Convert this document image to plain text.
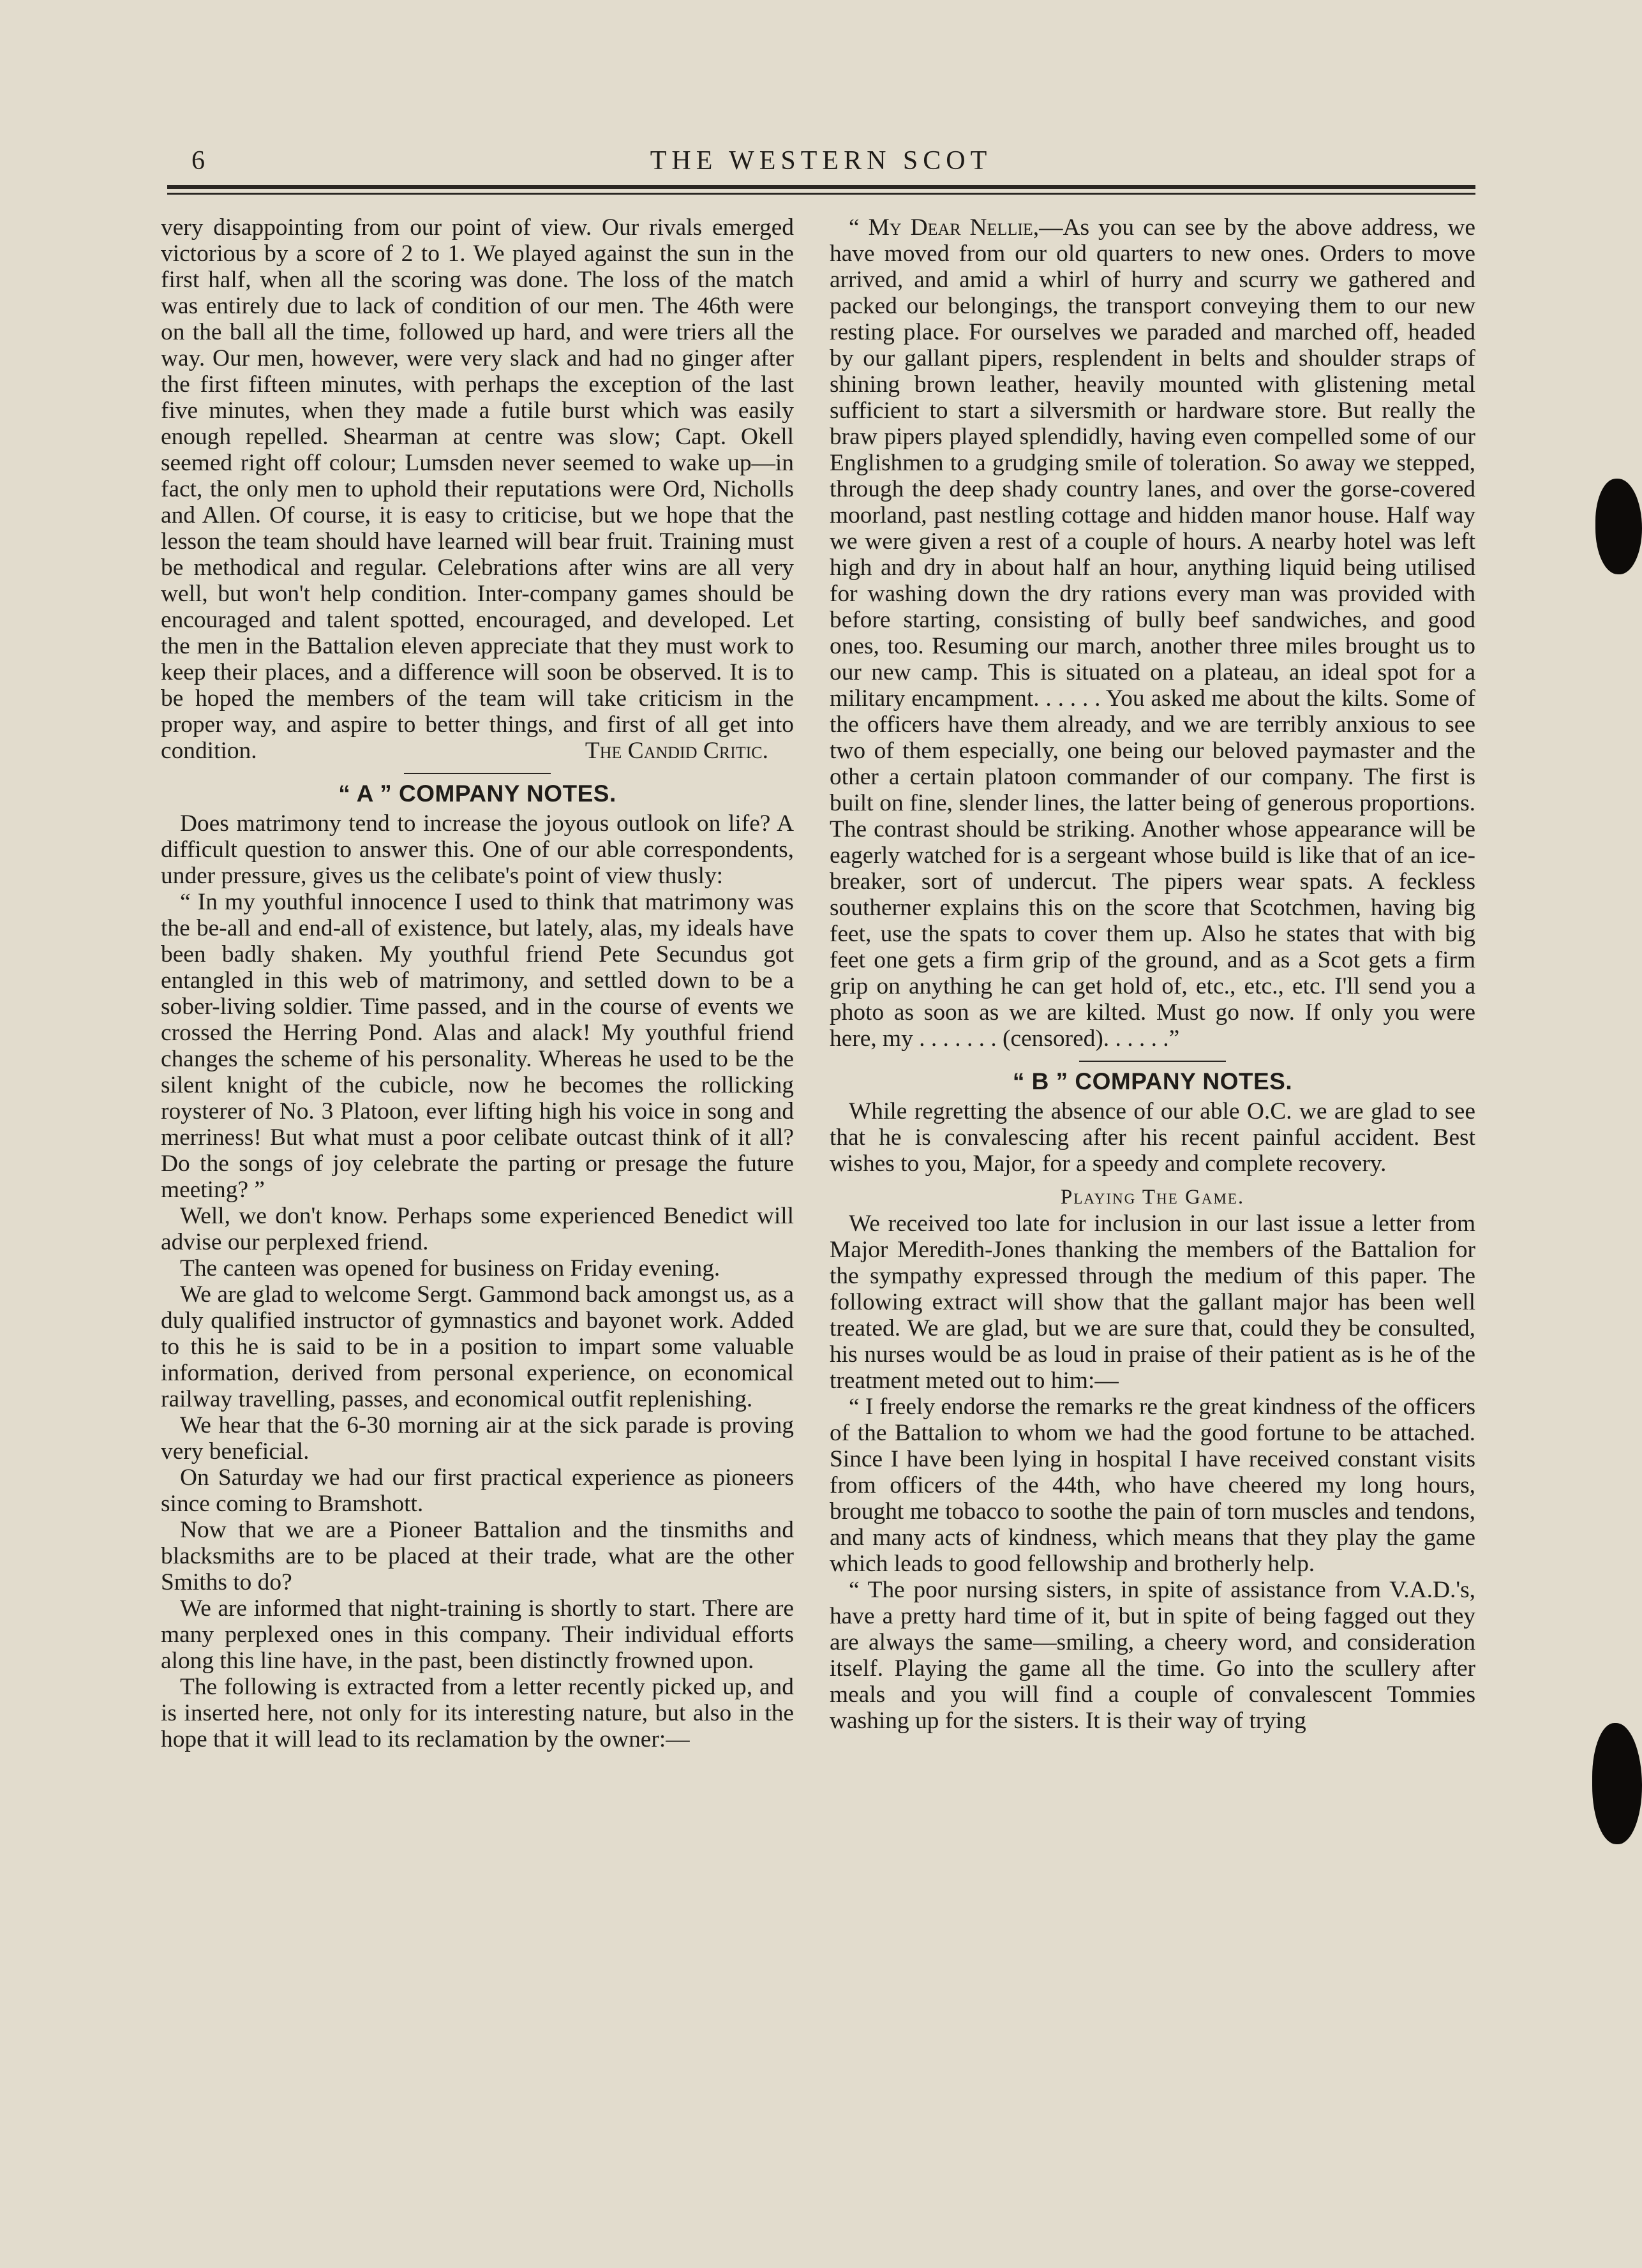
6	THE WESTERN SCOT

very disappointing from our point of view. Our rivals emerged victorious by a score of 2 to 1. We played against the sun in the first half, when all the scoring was done. The loss of the match was entirely due to lack of condition of our men. The 46th were on the ball all the time, followed up hard, and were triers all the way. Our men, however, were very slack and had no ginger after the first fifteen minutes, with perhaps the exception of the last five minutes, when they made a futile burst which was easily enough repelled. Shearman at centre was slow; Capt. Okell seemed right off colour; Lumsden never seemed to wake up—in fact, the only men to uphold their reputations were Ord, Nicholls and Allen. Of course, it is easy to criticise, but we hope that the lesson the team should have learned will bear fruit. Training must be methodical and regular. Celebrations after wins are all very well, but won't help condition. Inter-company games should be encouraged and talent spotted, encouraged, and developed. Let the men in the Battalion eleven appreciate that they must work to keep their places, and a difference will soon be observed. It is to be hoped the members of the team will take criticism in the proper way, and aspire to better things, and first of all get into condition.	The Candid Critic.

“ A ” COMPANY NOTES.

Does matrimony tend to increase the joyous outlook on life? A difficult question to answer this. One of our able correspondents, under pressure, gives us the celibate's point of view thusly:

“ In my youthful innocence I used to think that matrimony was the be-all and end-all of existence, but lately, alas, my ideals have been badly shaken. My youthful friend Pete Secundus got entangled in this web of matrimony, and settled down to be a sober-living soldier. Time passed, and in the course of events we crossed the Herring Pond. Alas and alack! My youthful friend changes the scheme of his personality. Whereas he used to be the silent knight of the cubicle, now he becomes the rollicking roysterer of No. 3 Platoon, ever lifting high his voice in song and merriness! But what must a poor celibate outcast think of it all? Do the songs of joy celebrate the parting or presage the future meeting? ”

Well, we don't know. Perhaps some experienced Benedict will advise our perplexed friend.

The canteen was opened for business on Friday evening.

We are glad to welcome Sergt. Gammond back amongst us, as a duly qualified instructor of gymnastics and bayonet work. Added to this he is said to be in a position to impart some valuable information, derived from personal experience, on economical railway travelling, passes, and economical outfit replenishing.

We hear that the 6-30 morning air at the sick parade is proving very beneficial.

On Saturday we had our first practical experience as pioneers since coming to Bramshott.

Now that we are a Pioneer Battalion and the tinsmiths and blacksmiths are to be placed at their trade, what are the other Smiths to do?

We are informed that night-training is shortly to start. There are many perplexed ones in this company. Their individual efforts along this line have, in the past, been distinctly frowned upon.

The following is extracted from a letter recently picked up, and is inserted here, not only for its interesting nature, but also in the hope that it will lead to its reclamation by the owner:—

“ My Dear Nellie,—As you can see by the above address, we have moved from our old quarters to new ones. Orders to move arrived, and amid a whirl of hurry and scurry we gathered and packed our belongings, the transport conveying them to our new resting place. For ourselves we paraded and marched off, headed by our gallant pipers, resplendent in belts and shoulder straps of shining brown leather, heavily mounted with glistening metal sufficient to start a silversmith or hardware store. But really the braw pipers played splendidly, having even compelled some of our Englishmen to a grudging smile of toleration. So away we stepped, through the deep shady country lanes, and over the gorse-covered moorland, past nestling cottage and hidden manor house. Half way we were given a rest of a couple of hours. A nearby hotel was left high and dry in about half an hour, anything liquid being utilised for washing down the dry rations every man was provided with before starting, consisting of bully beef sandwiches, and good ones, too. Resuming our march, another three miles brought us to our new camp. This is situated on a plateau, an ideal spot for a military encampment. . . . . . You asked me about the kilts. Some of the officers have them already, and we are terribly anxious to see two of them especially, one being our beloved paymaster and the other a certain platoon commander of our company. The first is built on fine, slender lines, the latter being of generous proportions. The contrast should be striking. Another whose appearance will be eagerly watched for is a sergeant whose build is like that of an ice-breaker, sort of undercut. The pipers wear spats. A feckless southerner explains this on the score that Scotchmen, having big feet, use the spats to cover them up. Also he states that with big feet one gets a firm grip of the ground, and as a Scot gets a firm grip on anything he can get hold of, etc., etc., etc. I'll send you a photo as soon as we are kilted. Must go now. If only you were here, my . . . . . . . (censored). . . . . .”

“ B ” COMPANY NOTES.

While regretting the absence of our able O.C. we are glad to see that he is convalescing after his recent painful accident. Best wishes to you, Major, for a speedy and complete recovery.

Playing The Game.

We received too late for inclusion in our last issue a letter from Major Meredith-Jones thanking the members of the Battalion for the sympathy expressed through the medium of this paper. The following extract will show that the gallant major has been well treated. We are glad, but we are sure that, could they be consulted, his nurses would be as loud in praise of their patient as is he of the treatment meted out to him:—

“ I freely endorse the remarks re the great kindness of the officers of the Battalion to whom we had the good fortune to be attached. Since I have been lying in hospital I have received constant visits from officers of the 44th, who have cheered my long hours, brought me tobacco to soothe the pain of torn muscles and tendons, and many acts of kindness, which means that they play the game which leads to good fellowship and brotherly help.

“ The poor nursing sisters, in spite of assistance from V.A.D.'s, have a pretty hard time of it, but in spite of being fagged out they are always the same—smiling, a cheery word, and consideration itself. Playing the game all the time. Go into the scullery after meals and you will find a couple of convalescent Tommies washing up for the sisters. It is their way of trying
